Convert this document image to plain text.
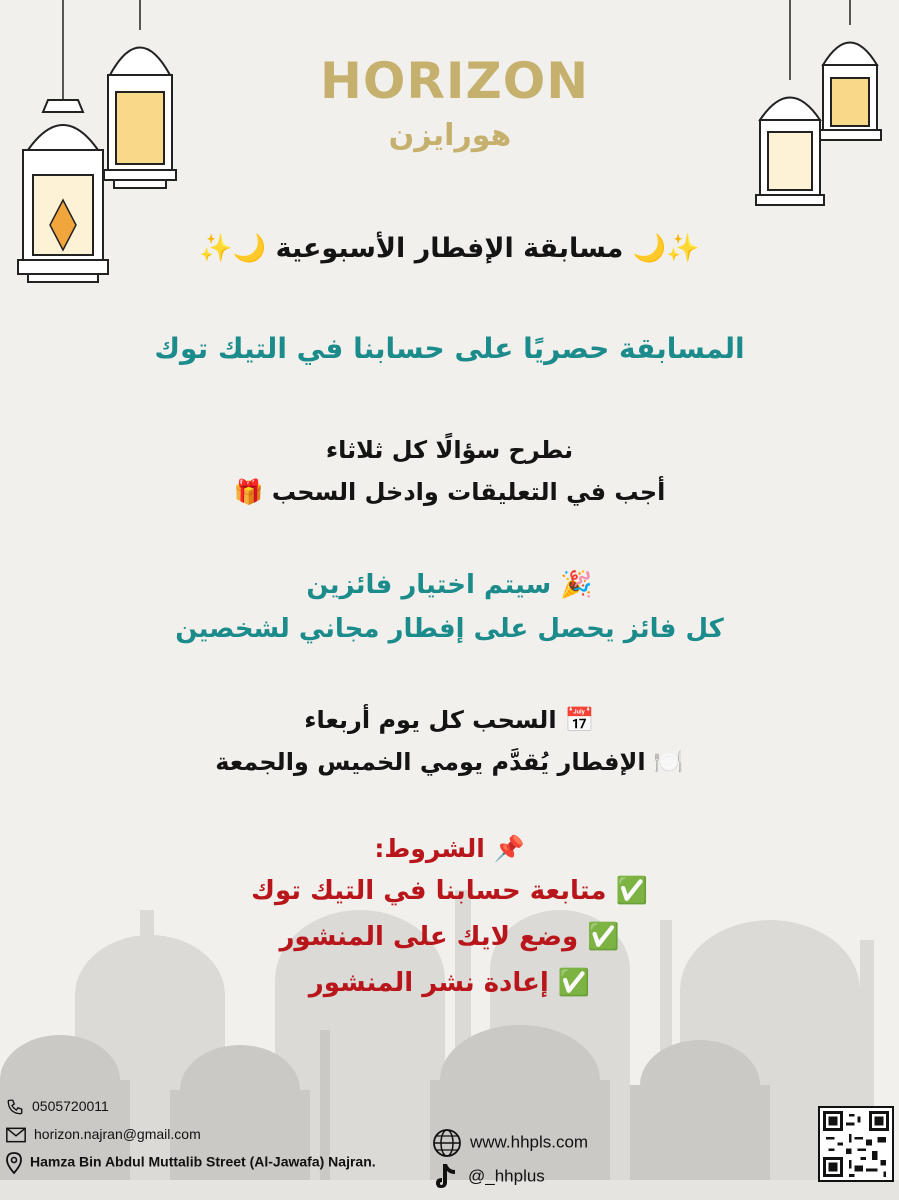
HORIZON
هورايزن
✨🌙 مسابقة الإفطار الأسبوعية 🌙✨
المسابقة حصريًا على حسابنا في التيك توك
نطرح سؤالًا كل ثلاثاء
أجب في التعليقات وادخل السحب 🎁
🎉 سيتم اختيار فائزين
كل فائز يحصل على إفطار مجاني لشخصين
📅 السحب كل يوم أربعاء
🍽️ الإفطار يُقدَّم يومي الخميس والجمعة
📌 الشروط:
✅ متابعة حسابنا في التيك توك
✅ وضع لايك على المنشور
✅ إعادة نشر المنشور
0505720011
horizon.najran@gmail.com
Hamza Bin Abdul Muttalib Street (Al-Jawafa) Najran.
www.hhpls.com
@_hhplus
